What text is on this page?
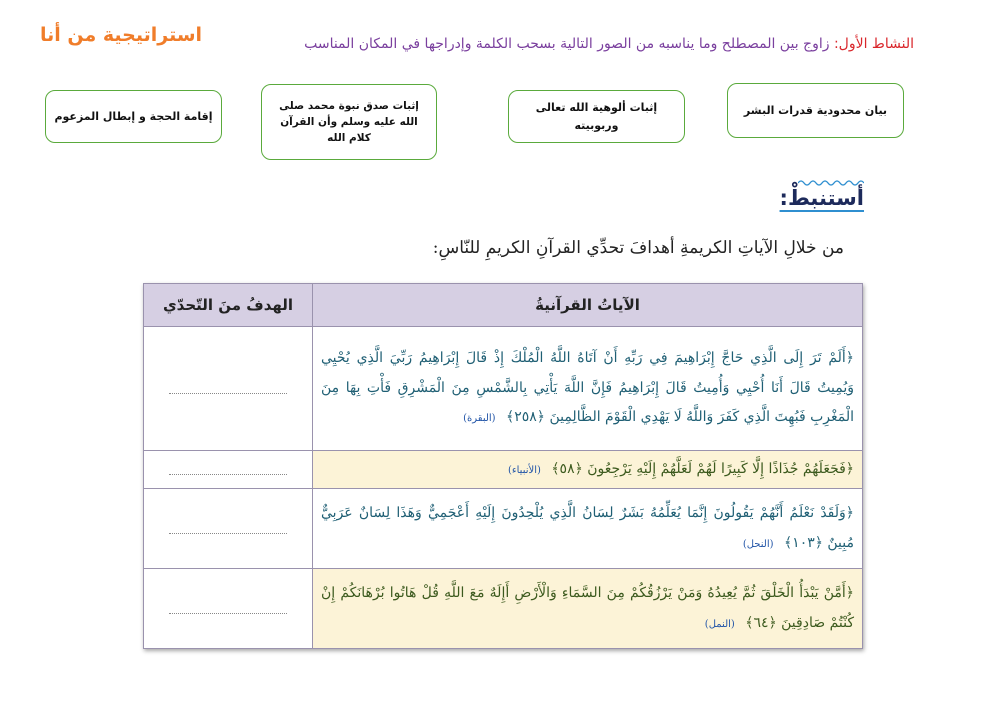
استراتيجية من أنا	النشاط الأول: زاوج بين المصطلح وما يناسبه من الصور التالية بسحب الكلمة وإدراجها في المكان المناسب
إقامة الحجة و إبطال المزعوم
إثبات صدق نبوة محمد صلى الله عليه وسلم وأن القرآن كلام الله
إثبات ألوهية الله تعالى وربوبيته
بيان محدودية قدرات البشر
أستنبطْ:
من خلالِ الآياتِ الكريمةِ أهدافَ تحدِّي القرآنِ الكريمِ للنّاسِ:
الآياتُ القرآنيةُ	الهدفُ منَ التّحدّي
﴿أَلَمْ تَرَ إِلَى الَّذِي حَاجَّ إِبْرَاهِيمَ فِي رَبِّهِ أَنْ آتَاهُ اللَّهُ الْمُلْكَ إِذْ قَالَ إِبْرَاهِيمُ رَبِّيَ الَّذِي يُحْيِي وَيُمِيتُ قَالَ أَنَا أُحْيِي وَأُمِيتُ قَالَ إِبْرَاهِيمُ فَإِنَّ اللَّهَ يَأْتِي بِالشَّمْسِ مِنَ الْمَشْرِقِ فَأْتِ بِهَا مِنَ الْمَغْرِبِ فَبُهِتَ الَّذِي كَفَرَ وَاللَّهُ لَا يَهْدِي الْقَوْمَ الظَّالِمِينَ ﴿٢٥٨﴾ (البقرة)	
﴿فَجَعَلَهُمْ جُذَاذًا إِلَّا كَبِيرًا لَهُمْ لَعَلَّهُمْ إِلَيْهِ يَرْجِعُونَ ﴿٥٨﴾ (الأنبياء)	
﴿وَلَقَدْ نَعْلَمُ أَنَّهُمْ يَقُولُونَ إِنَّمَا يُعَلِّمُهُ بَشَرٌ لِسَانُ الَّذِي يُلْحِدُونَ إِلَيْهِ أَعْجَمِيٌّ وَهَذَا لِسَانٌ عَرَبِيٌّ مُبِينٌ ﴿١٠٣﴾ (النحل)	
﴿أَمَّنْ يَبْدَأُ الْخَلْقَ ثُمَّ يُعِيدُهُ وَمَنْ يَرْزُقُكُمْ مِنَ السَّمَاءِ وَالْأَرْضِ أَإِلَهٌ مَعَ اللَّهِ قُلْ هَاتُوا بُرْهَانَكُمْ إِنْ كُنْتُمْ صَادِقِينَ ﴿٦٤﴾ (النمل)	
